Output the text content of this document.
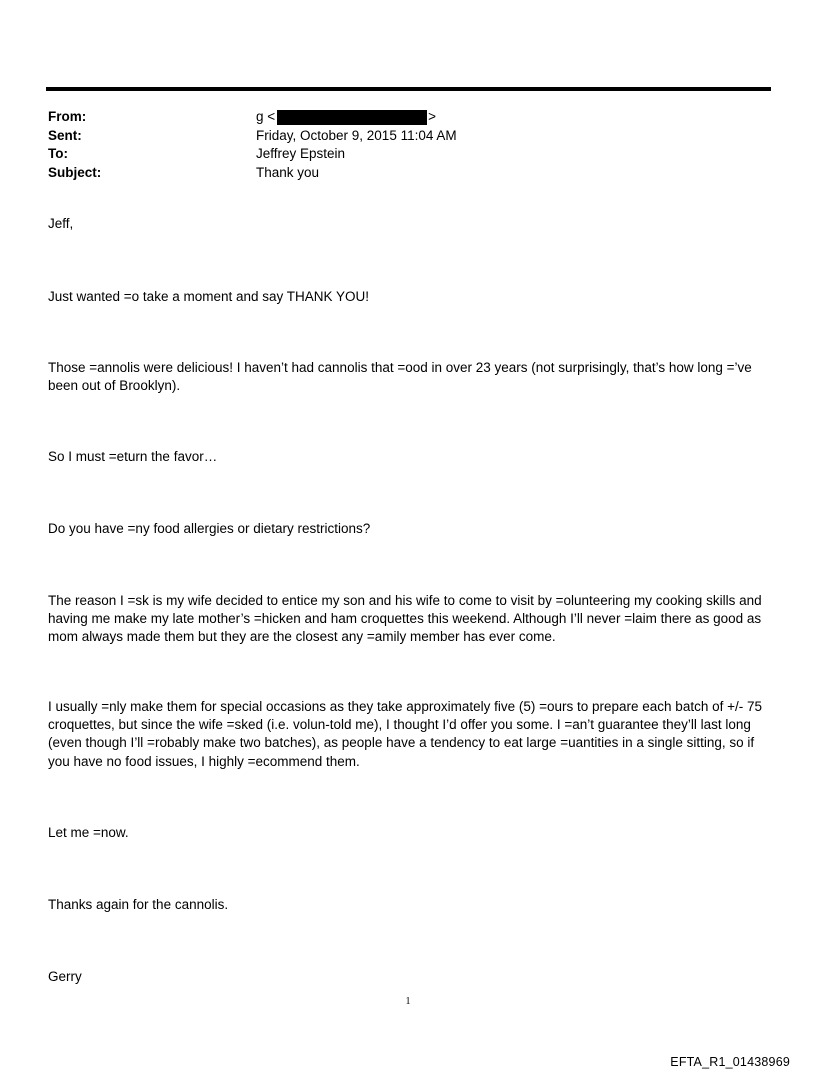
From:	g <	>
Sent:	Friday, October 9, 2015 11:04 AM
To:	Jeffrey Epstein
Subject:	Thank you

Jeff,

Just wanted =o take a moment and say THANK YOU!

Those =annolis were delicious! I haven’t had cannolis that =ood in over 23 years (not surprisingly, that’s how long =’ve been out of Brooklyn).

So I must =eturn the favor…

Do you have =ny food allergies or dietary restrictions?

The reason I =sk is my wife decided to entice my son and his wife to come to visit by =olunteering my cooking skills and having me make my late mother’s =hicken and ham croquettes this weekend. Although I’ll never =laim there as good as mom always made them but they are the closest any =amily member has ever come.

I usually =nly make them for special occasions as they take approximately five (5) =ours to prepare each batch of +/- 75 croquettes, but since the wife =sked (i.e. volun-told me), I thought I’d offer you some. I =an’t guarantee they’ll last long (even though I’ll =robably make two batches), as people have a tendency to eat large =uantities in a single sitting, so if you have no food issues, I highly =ecommend them.

Let me =now.

Thanks again for the cannolis.

Gerry

1
EFTA_R1_01438969
